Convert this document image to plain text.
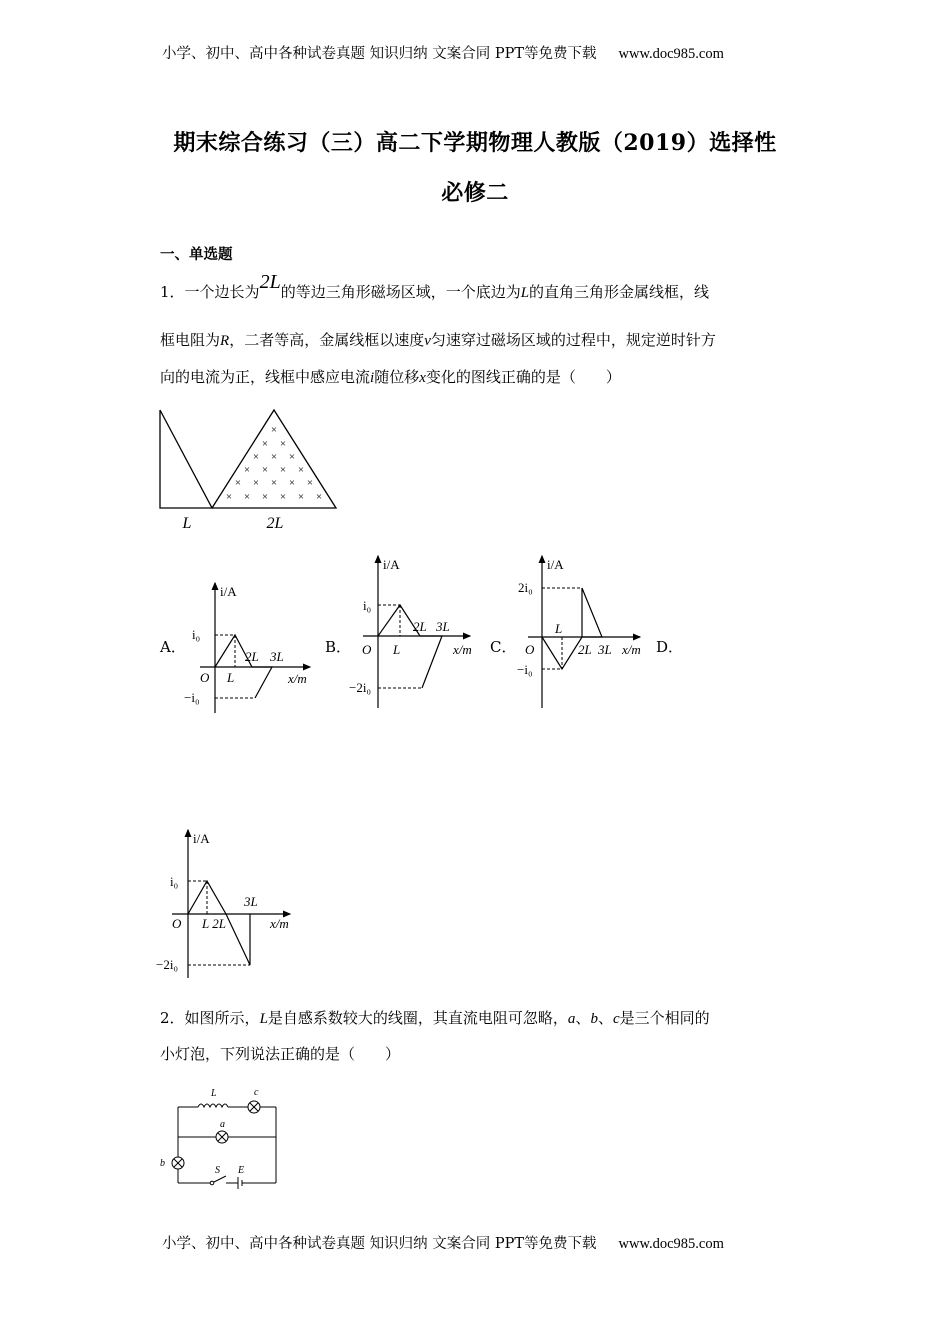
小学、初中、高中各种试卷真题 知识归纳 文案合同 PPT等免费下载 www.doc985.com
期末综合练习（三）高二下学期物理人教版（2019）选择性
必修二
一、单选题
1．一个边长为2L的等边三角形磁场区域，一个底边为L的直角三角形金属线框，线
框电阻为R，二者等高，金属线框以速度v匀速穿过磁场区域的过程中，规定逆时针方
向的电流为正，线框中感应电流i随位移x变化的图线正确的是（　　）
×
× ×
× × ×
× × × ×
× × × × ×
× × × × × ×
L	2L
A．	B．	C．	D．
i/A
i₀
O L
2L 3L
x/m
−i₀
i/A
i₀
O L
2L 3L
x/m
−2i₀
i/A
2i₀
L
O	2L 3L x/m
−i₀
i/A
i₀
3L
O L 2L	x/m
−2i₀
2．如图所示，L是自感系数较大的线圈，其直流电阻可忽略，a、b、c是三个相同的
小灯泡，下列说法正确的是（　　）
L	c
a
b
S E
小学、初中、高中各种试卷真题 知识归纳 文案合同 PPT等免费下载 www.doc985.com
